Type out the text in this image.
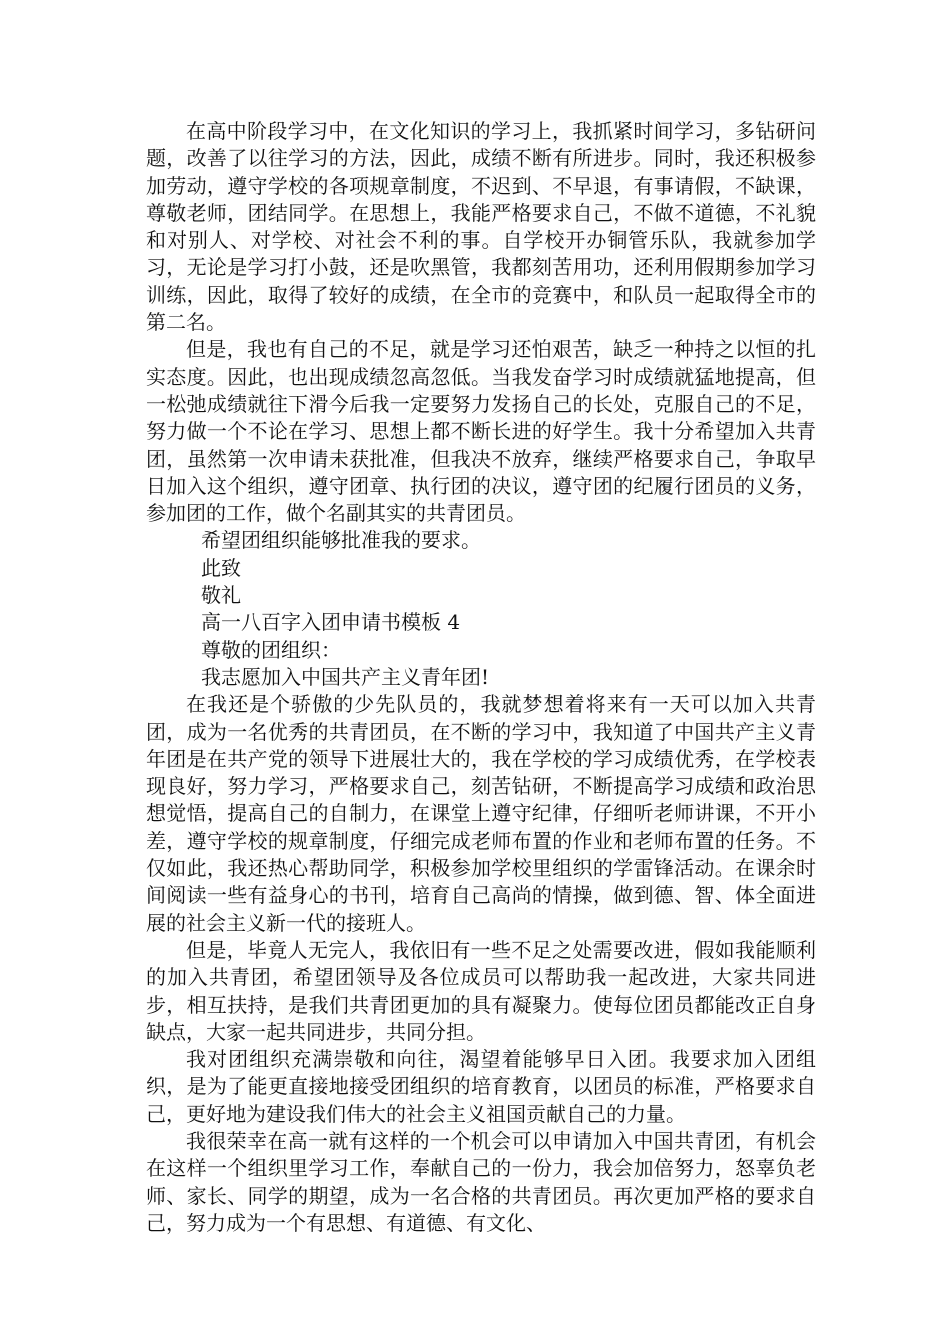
在高中阶段学习中，在文化知识的学习上，我抓紧时间学习，多钻研问题，改善了以往学习的方法，因此，成绩不断有所进步。同时，我还积极参加劳动，遵守学校的各项规章制度，不迟到、不早退，有事请假，不缺课，尊敬老师，团结同学。在思想上，我能严格要求自己，不做不道德，不礼貌和对别人、对学校、对社会不利的事。自学校开办铜管乐队，我就参加学习，无论是学习打小鼓，还是吹黑管，我都刻苦用功，还利用假期参加学习训练，因此，取得了较好的成绩，在全市的竞赛中，和队员一起取得全市的第二名。

但是，我也有自己的不足，就是学习还怕艰苦，缺乏一种持之以恒的扎实态度。因此，也出现成绩忽高忽低。当我发奋学习时成绩就猛地提高，但一松弛成绩就往下滑今后我一定要努力发扬自己的长处，克服自己的不足，努力做一个不论在学习、思想上都不断长进的好学生。我十分希望加入共青团，虽然第一次申请未获批准，但我决不放弃，继续严格要求自己，争取早日加入这个组织，遵守团章、执行团的决议，遵守团的纪履行团员的义务，参加团的工作，做个名副其实的共青团员。

希望团组织能够批准我的要求。

此致

敬礼

高一八百字入团申请书模板 4

尊敬的团组织：

我志愿加入中国共产主义青年团!

在我还是个骄傲的少先队员的，我就梦想着将来有一天可以加入共青团，成为一名优秀的共青团员，在不断的学习中，我知道了中国共产主义青年团是在共产党的领导下进展壮大的，我在学校的学习成绩优秀，在学校表现良好，努力学习，严格要求自己，刻苦钻研，不断提高学习成绩和政治思想觉悟，提高自己的自制力，在课堂上遵守纪律，仔细听老师讲课，不开小差，遵守学校的规章制度，仔细完成老师布置的作业和老师布置的任务。不仅如此，我还热心帮助同学，积极参加学校里组织的学雷锋活动。在课余时间阅读一些有益身心的书刊，培育自己高尚的情操，做到德、智、体全面进展的社会主义新一代的接班人。

但是，毕竟人无完人，我依旧有一些不足之处需要改进，假如我能顺利的加入共青团，希望团领导及各位成员可以帮助我一起改进，大家共同进步，相互扶持，是我们共青团更加的具有凝聚力。使每位团员都能改正自身缺点，大家一起共同进步，共同分担。

我对团组织充满崇敬和向往，渴望着能够早日入团。我要求加入团组织，是为了能更直接地接受团组织的培育教育，以团员的标准，严格要求自己，更好地为建设我们伟大的社会主义祖国贡献自己的力量。

我很荣幸在高一就有这样的一个机会可以申请加入中国共青团，有机会在这样一个组织里学习工作，奉献自己的一份力，我会加倍努力，怒辜负老师、家长、同学的期望，成为一名合格的共青团员。再次更加严格的要求自己，努力成为一个有思想、有道德、有文化、
